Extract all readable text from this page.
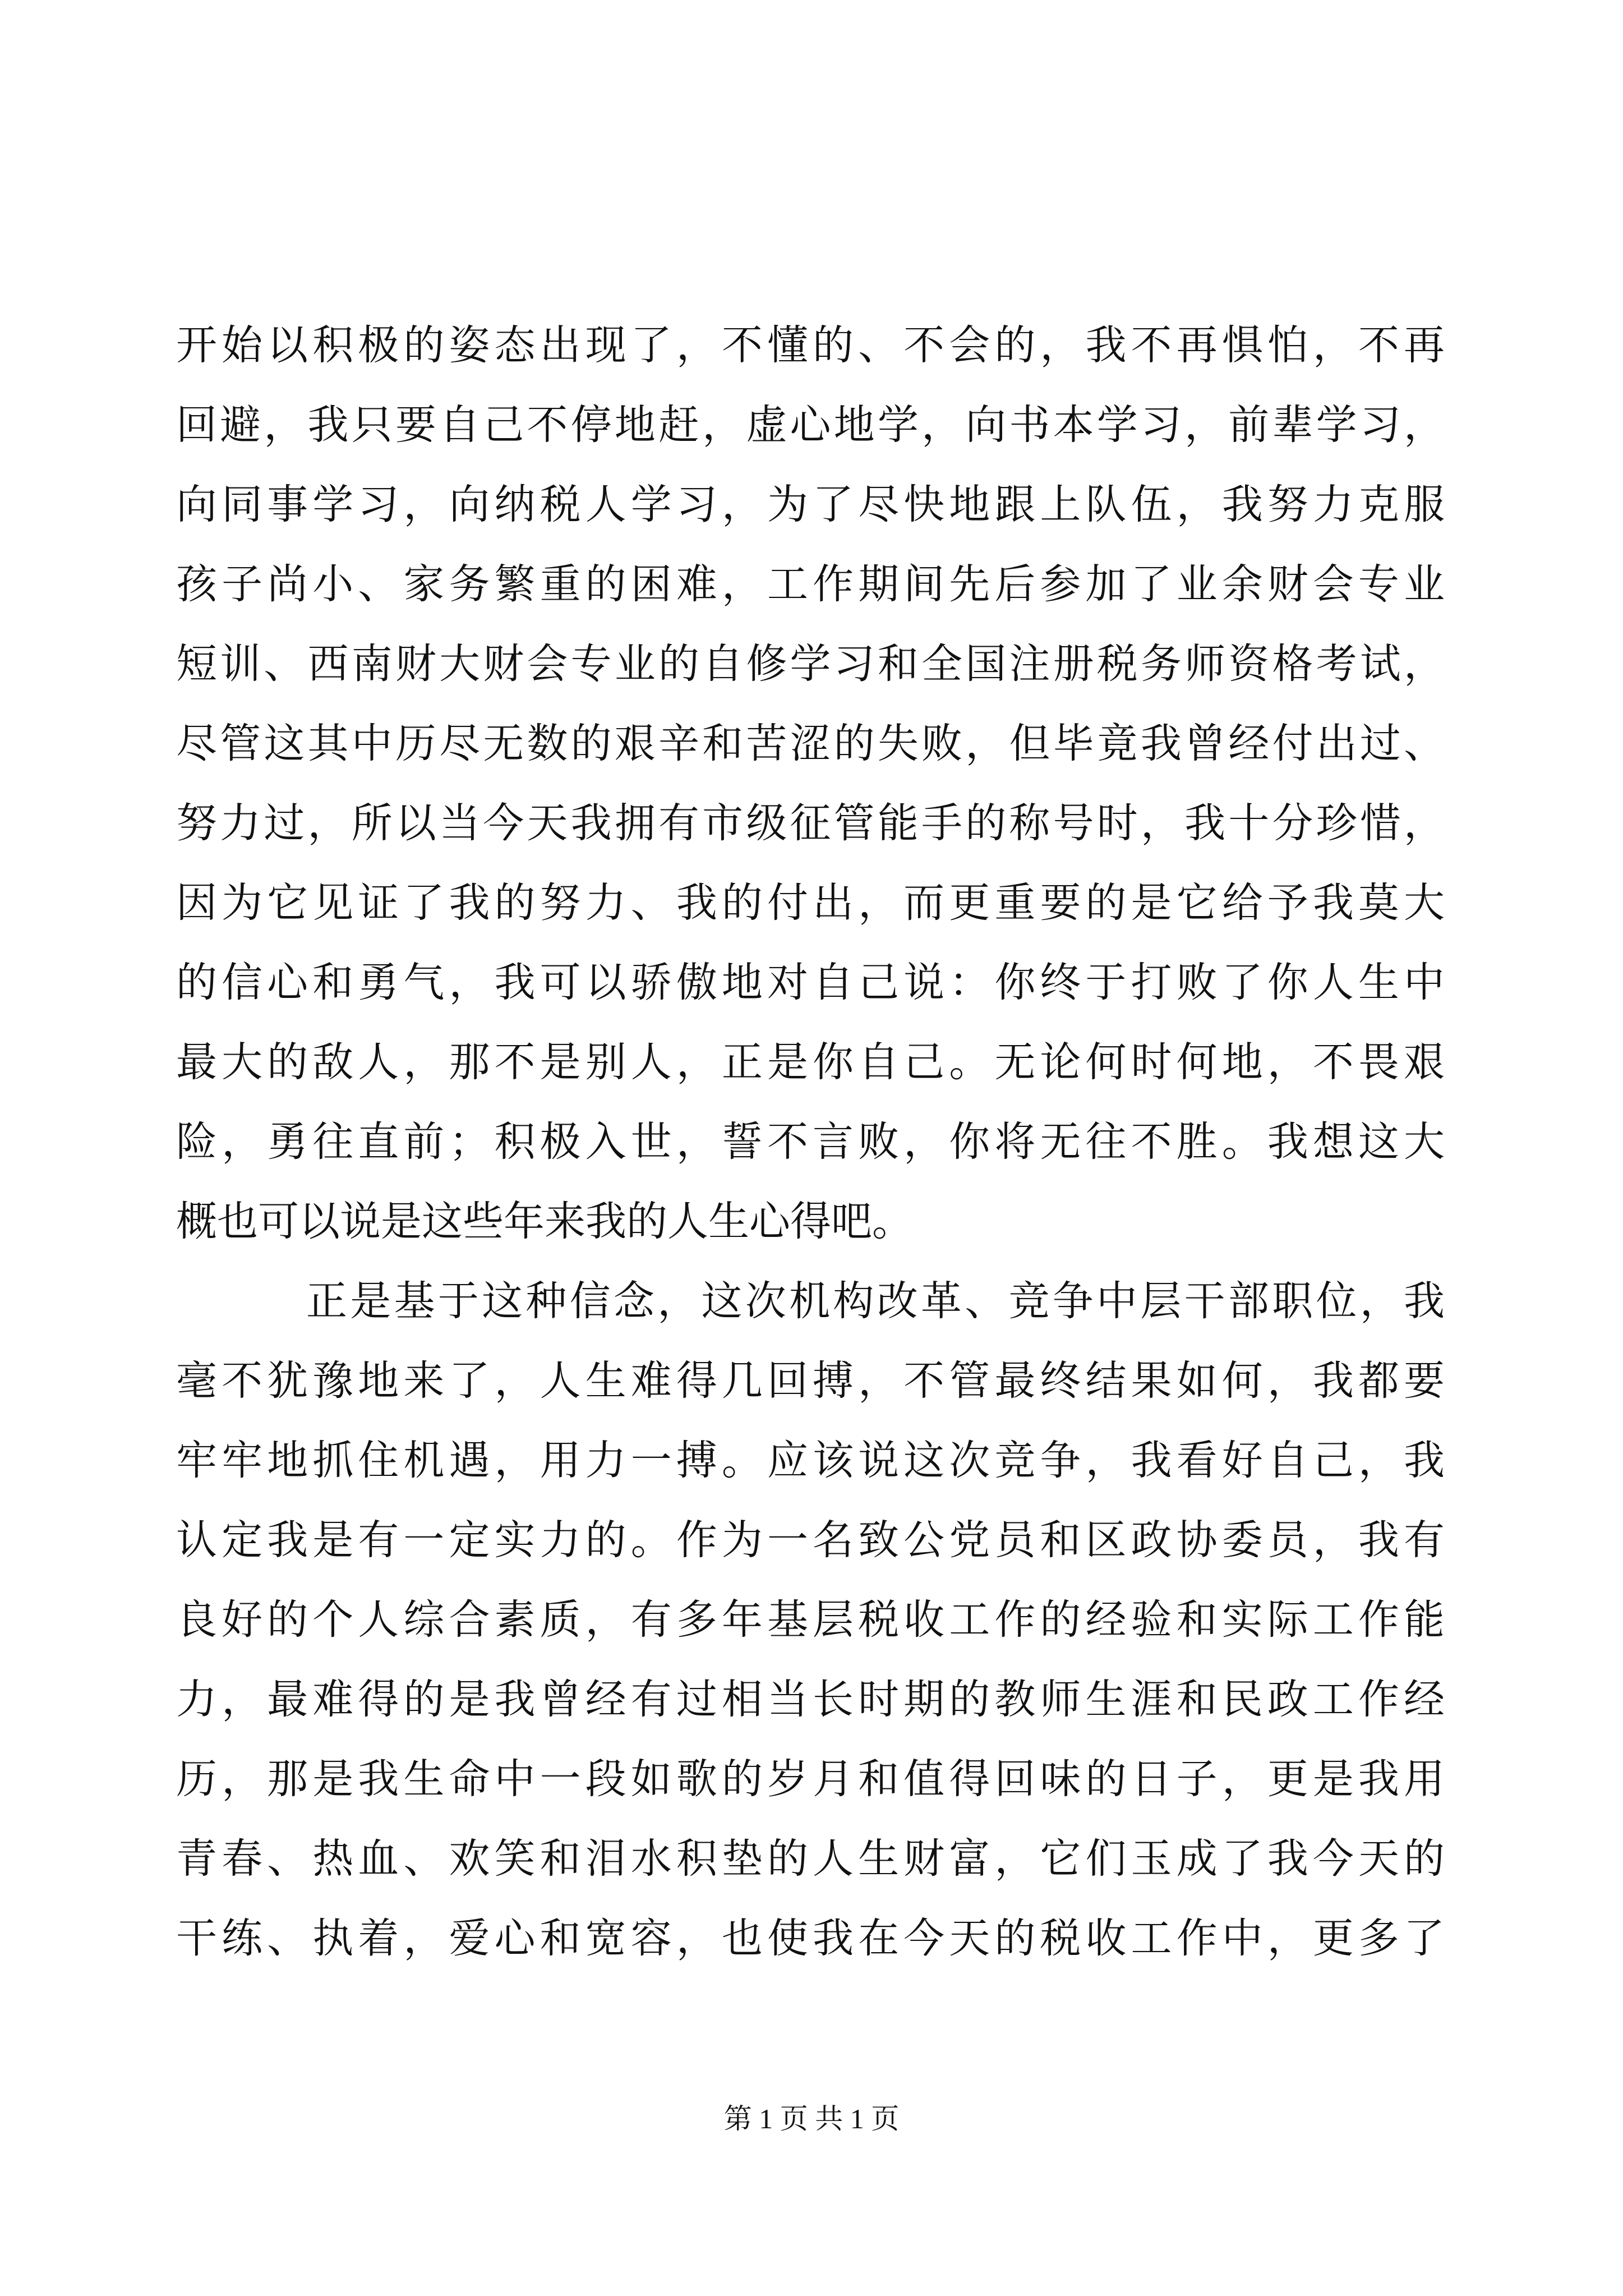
开始以积极的姿态出现了，不懂的、不会的，我不再惧怕，不再
回避，我只要自己不停地赶，虚心地学，向书本学习，前辈学习，
向同事学习，向纳税人学习，为了尽快地跟上队伍，我努力克服
孩子尚小、家务繁重的困难，工作期间先后参加了业余财会专业
短训、西南财大财会专业的自修学习和全国注册税务师资格考试，
尽管这其中历尽无数的艰辛和苦涩的失败，但毕竟我曾经付出过、
努力过，所以当今天我拥有市级征管能手的称号时，我十分珍惜，
因为它见证了我的努力、我的付出，而更重要的是它给予我莫大
的信心和勇气，我可以骄傲地对自己说：你终于打败了你人生中
最大的敌人，那不是别人，正是你自己。无论何时何地，不畏艰
险，勇往直前；积极入世，誓不言败，你将无往不胜。我想这大
概也可以说是这些年来我的人生心得吧。
正是基于这种信念，这次机构改革、竞争中层干部职位，我
毫不犹豫地来了，人生难得几回搏，不管最终结果如何，我都要
牢牢地抓住机遇，用力一搏。应该说这次竞争，我看好自己，我
认定我是有一定实力的。作为一名致公党员和区政协委员，我有
良好的个人综合素质，有多年基层税收工作的经验和实际工作能
力，最难得的是我曾经有过相当长时期的教师生涯和民政工作经
历，那是我生命中一段如歌的岁月和值得回味的日子，更是我用
青春、热血、欢笑和泪水积垫的人生财富，它们玉成了我今天的
干练、执着，爱心和宽容，也使我在今天的税收工作中，更多了
第 1 页 共 1 页
